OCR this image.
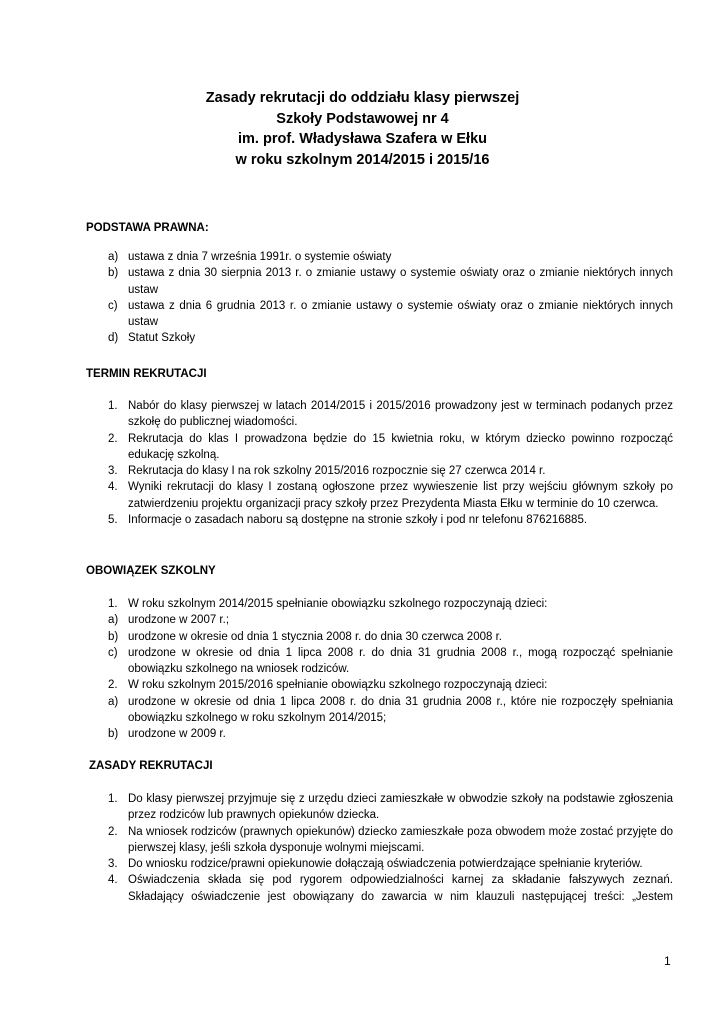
Zasady rekrutacji do oddziału klasy pierwszej
Szkoły Podstawowej nr 4
im. prof. Władysława Szafera w Ełku
w roku szkolnym 2014/2015 i 2015/16
PODSTAWA PRAWNA:
a) ustawa z dnia 7 września 1991r. o systemie oświaty
b) ustawa z dnia 30 sierpnia 2013 r. o zmianie ustawy o systemie oświaty oraz o zmianie niektórych innych ustaw
c) ustawa z dnia 6 grudnia 2013 r. o zmianie ustawy o systemie oświaty oraz o zmianie niektórych innych ustaw
d) Statut Szkoły
TERMIN REKRUTACJI
1. Nabór do klasy pierwszej w latach 2014/2015 i 2015/2016 prowadzony jest w terminach podanych przez szkołę do publicznej wiadomości.
2. Rekrutacja do klas I prowadzona będzie do 15 kwietnia roku, w którym dziecko powinno rozpocząć edukację szkolną.
3. Rekrutacja do klasy I na rok szkolny 2015/2016 rozpocznie się 27 czerwca 2014 r.
4. Wyniki rekrutacji do klasy I zostaną ogłoszone przez wywieszenie list przy wejściu głównym szkoły po zatwierdzeniu projektu organizacji pracy szkoły przez Prezydenta Miasta Ełku w terminie do 10 czerwca.
5. Informacje o zasadach naboru są dostępne na stronie szkoły i pod nr telefonu 876216885.
OBOWIĄZEK SZKOLNY
1. W roku szkolnym 2014/2015 spełnianie obowiązku szkolnego rozpoczynają dzieci:
a) urodzone w 2007 r.;
b) urodzone w okresie od dnia 1 stycznia 2008 r. do dnia 30 czerwca 2008 r.
c) urodzone w okresie od dnia 1 lipca 2008 r. do dnia 31 grudnia 2008 r., mogą rozpocząć spełnianie obowiązku szkolnego na wniosek rodziców.
2. W roku szkolnym 2015/2016 spełnianie obowiązku szkolnego rozpoczynają dzieci:
a) urodzone w okresie od dnia 1 lipca 2008 r. do dnia 31 grudnia 2008 r., które nie rozpoczęły spełniania obowiązku szkolnego w roku szkolnym 2014/2015;
b) urodzone w 2009 r.
ZASADY REKRUTACJI
1. Do klasy pierwszej przyjmuje się z urzędu dzieci zamieszkałe w obwodzie szkoły na podstawie zgłoszenia przez rodziców lub prawnych opiekunów dziecka.
2. Na wniosek rodziców (prawnych opiekunów) dziecko zamieszkałe poza obwodem może zostać przyjęte do pierwszej klasy, jeśli szkoła dysponuje wolnymi miejscami.
3. Do wniosku rodzice/prawni opiekunowie dołączają oświadczenia potwierdzające spełnianie kryteriów.
4. Oświadczenia składa się pod rygorem odpowiedzialności karnej za składanie fałszywych zeznań. Składający oświadczenie jest obowiązany do zawarcia w nim klauzuli następującej treści: „Jestem
1
